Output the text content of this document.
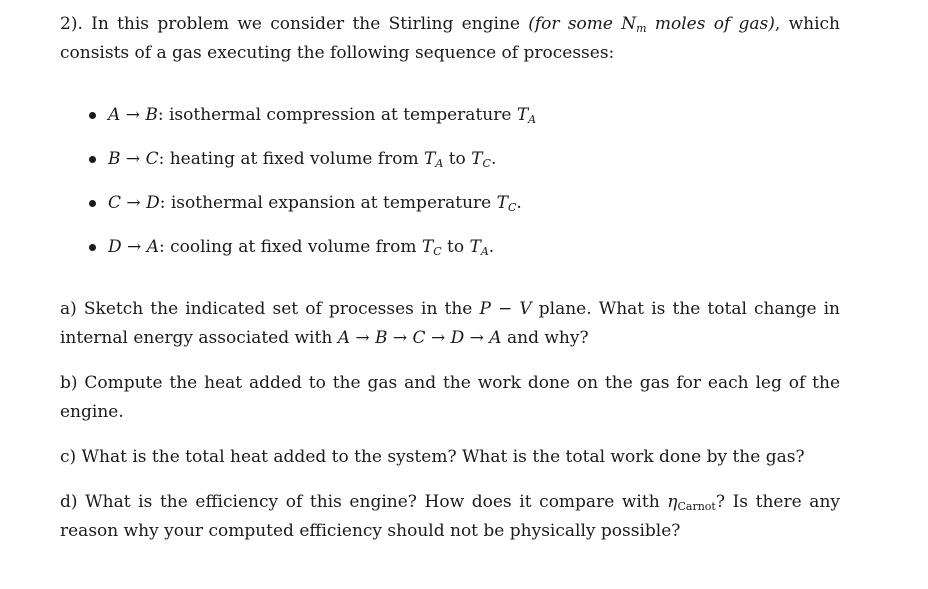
2). In this problem we consider the Stirling engine (for some $N_m$ moles of gas), which consists of a gas executing the following sequence of processes:

A → B: isothermal compression at temperature $T_A$
B → C: heating at fixed volume from $T_A$ to $T_C$.
C → D: isothermal expansion at temperature $T_C$.
D → A: cooling at fixed volume from $T_C$ to $T_A$.

a) Sketch the indicated set of processes in the P − V plane. What is the total change in internal energy associated with A → B → C → D → A and why?

b) Compute the heat added to the gas and the work done on the gas for each leg of the engine.

c) What is the total heat added to the system? What is the total work done by the gas?

d) What is the efficiency of this engine? How does it compare with $\eta_{Carnot}$? Is there any reason why your computed efficiency should not be physically possible?
